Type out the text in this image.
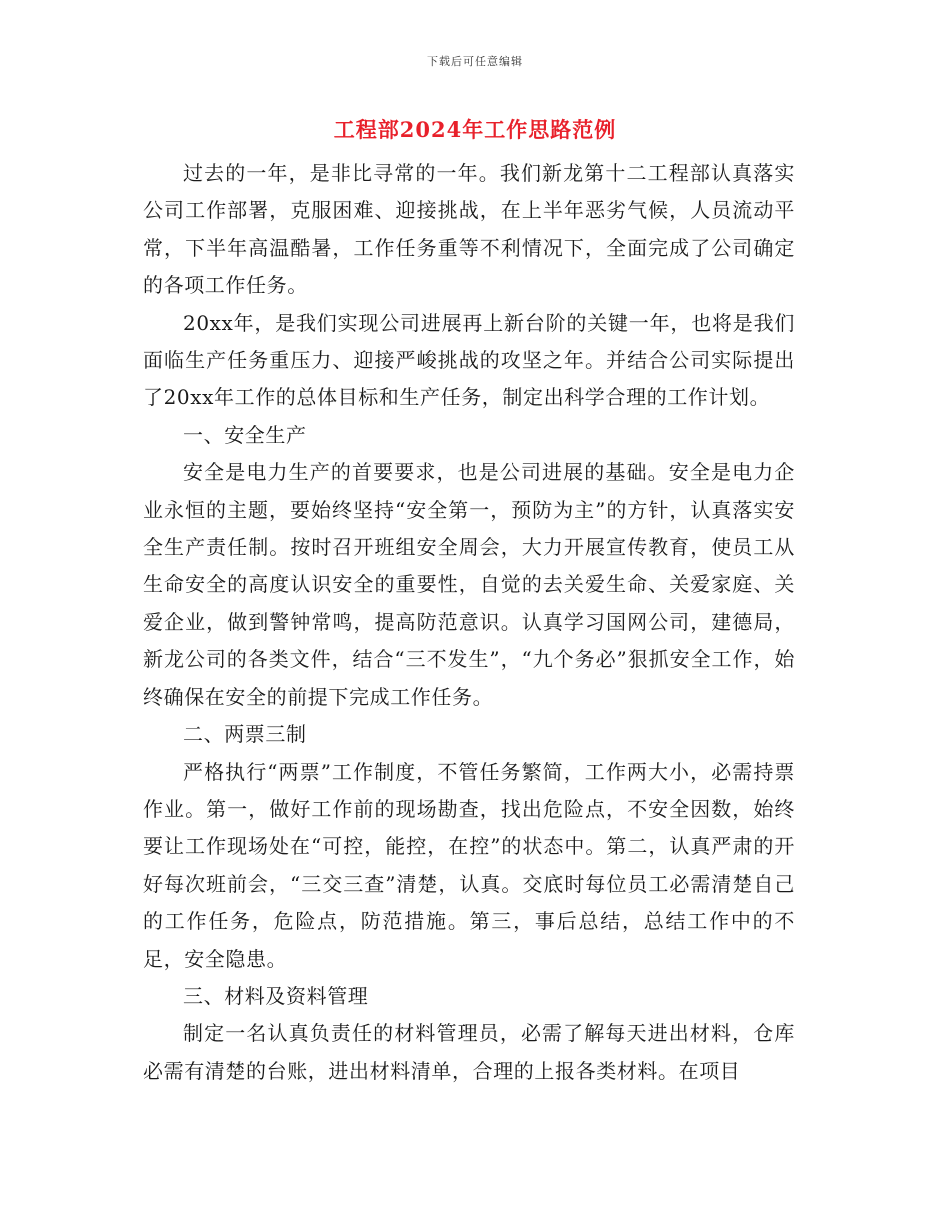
下载后可任意编辑
工程部2024年工作思路范例

过去的一年，是非比寻常的一年。我们新龙第十二工程部认真落实公司工作部署，克服困难、迎接挑战，在上半年恶劣气候，人员流动平常，下半年高温酷暑，工作任务重等不利情况下，全面完成了公司确定的各项工作任务。

20xx年，是我们实现公司进展再上新台阶的关键一年，也将是我们面临生产任务重压力、迎接严峻挑战的攻坚之年。并结合公司实际提出了20xx年工作的总体目标和生产任务，制定出科学合理的工作计划。

一、安全生产

安全是电力生产的首要要求，也是公司进展的基础。安全是电力企业永恒的主题，要始终坚持“安全第一，预防为主”的方针，认真落实安全生产责任制。按时召开班组安全周会，大力开展宣传教育，使员工从生命安全的高度认识安全的重要性，自觉的去关爱生命、关爱家庭、关爱企业，做到警钟常鸣，提高防范意识。认真学习国网公司，建德局，新龙公司的各类文件，结合“三不发生”，“九个务必”狠抓安全工作，始终确保在安全的前提下完成工作任务。

二、两票三制

严格执行“两票”工作制度，不管任务繁简，工作两大小，必需持票作业。第一，做好工作前的现场勘查，找出危险点，不安全因数，始终要让工作现场处在“可控，能控，在控”的状态中。第二，认真严肃的开好每次班前会，“三交三查”清楚，认真。交底时每位员工必需清楚自己的工作任务，危险点，防范措施。第三，事后总结，总结工作中的不足，安全隐患。

三、材料及资料管理

制定一名认真负责任的材料管理员，必需了解每天进出材料，仓库必需有清楚的台账，进出材料清单，合理的上报各类材料。在项目
